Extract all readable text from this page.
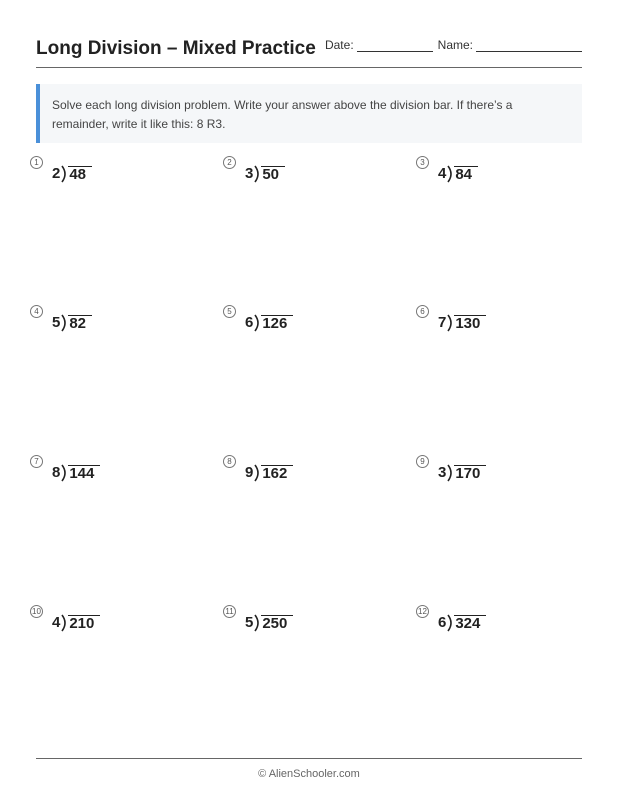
Long Division – Mixed Practice Date:	Name:
Solve each long division problem. Write your answer above the division bar. If there’s a remainder, write it like this: 8 R3.
1
2 48
2
3 50
3
4 84
4
5 82
5
6 126
6
7 130
7
8 144
8
9 162
9
3 170
10
4 210
11
5 250
12
6 324
© AlienSchooler.com
